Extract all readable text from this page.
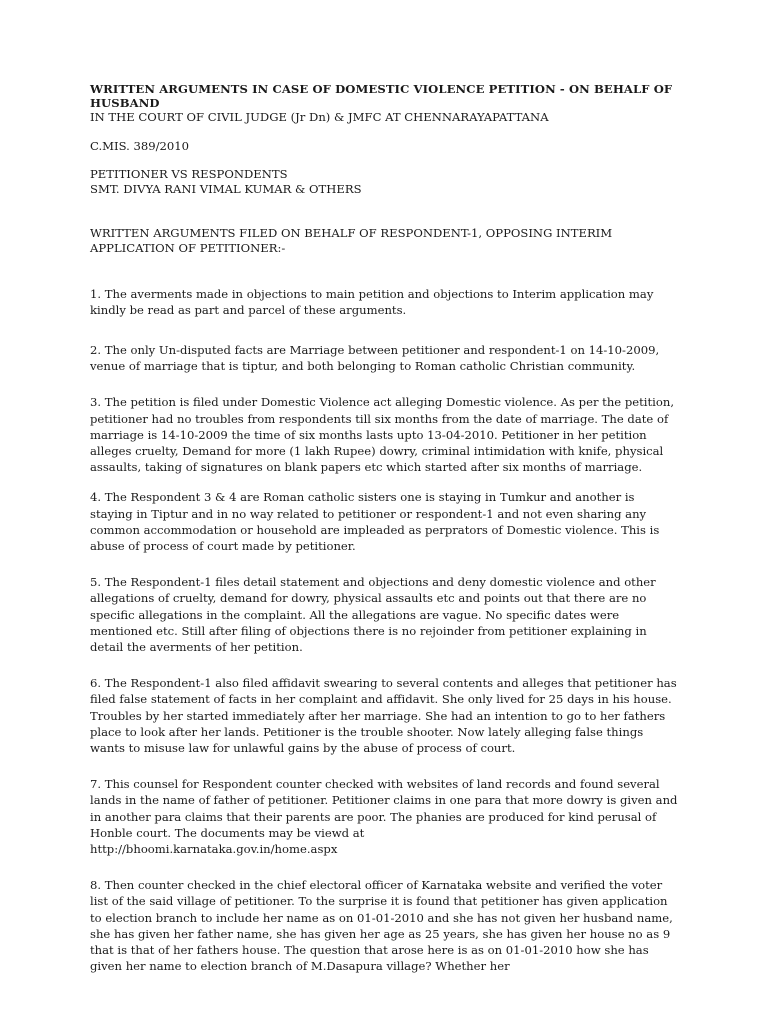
WRITTEN ARGUMENTS IN CASE OF DOMESTIC VIOLENCE PETITION - ON BEHALF OF HUSBAND

IN THE COURT OF CIVIL JUDGE (Jr Dn) & JMFC AT CHENNARAYAPATTANA

C.MIS. 389/2010

PETITIONER VS RESPONDENTS

SMT. DIVYA RANI VIMAL KUMAR & OTHERS

WRITTEN ARGUMENTS FILED ON BEHALF OF RESPONDENT-1, OPPOSING INTERIM APPLICATION OF PETITIONER:-

1. The averments made in objections to main petition and objections to Interim application may kindly be read as part and parcel of these arguments.

2. The only Un-disputed facts are Marriage between petitioner and respondent-1 on 14-10-2009, venue of marriage that is tiptur, and both belonging to Roman catholic Christian community.

3. The petition is filed under Domestic Violence act alleging Domestic violence. As per the petition, petitioner had no troubles from respondents till six months from the date of marriage. The date of marriage is 14-10-2009 the time of six months lasts upto 13-04-2010. Petitioner in her petition alleges cruelty, Demand for more (1 lakh Rupee) dowry, criminal intimidation with knife, physical assaults, taking of signatures on blank papers etc which started after six months of marriage.

4. The Respondent 3 & 4 are Roman catholic sisters one is staying in Tumkur and another is staying in Tiptur and in no way related to petitioner or respondent-1 and not even sharing any common accommodation or household are impleaded as perprators of Domestic violence. This is abuse of process of court made by petitioner.

5. The Respondent-1 files detail statement and objections and deny domestic violence and other allegations of cruelty, demand for dowry, physical assaults etc and points out that there are no specific allegations in the complaint. All the allegations are vague. No specific dates were mentioned etc. Still after filing of objections there is no rejoinder from petitioner explaining in detail the averments of her petition.

6. The Respondent-1 also filed affidavit swearing to several contents and alleges that petitioner has filed false statement of facts in her complaint and affidavit. She only lived for 25 days in his house. Troubles by her started immediately after her marriage. She had an intention to go to her fathers place to look after her lands. Petitioner is the trouble shooter. Now lately alleging false things wants to misuse law for unlawful gains by the abuse of process of court.

7. This counsel for Respondent counter checked with websites of land records and found several lands in the name of father of petitioner. Petitioner claims in one para that more dowry is given and in another para claims that their parents are poor. The phanies are produced for kind perusal of Honble court. The documents may be viewd at

http://bhoomi.karnataka.gov.in/home.aspx

8. Then counter checked in the chief electoral officer of Karnataka website and verified the voter list of the said village of petitioner. To the surprise it is found that petitioner has given application to election branch to include her name as on 01-01-2010 and she has not given her husband name, she has given her father name, she has given her age as 25 years, she has given her house no as 9 that is that of her fathers house. The question that arose here is as on 01-01-2010 how she has given her name to election branch of M.Dasapura village? Whether her
